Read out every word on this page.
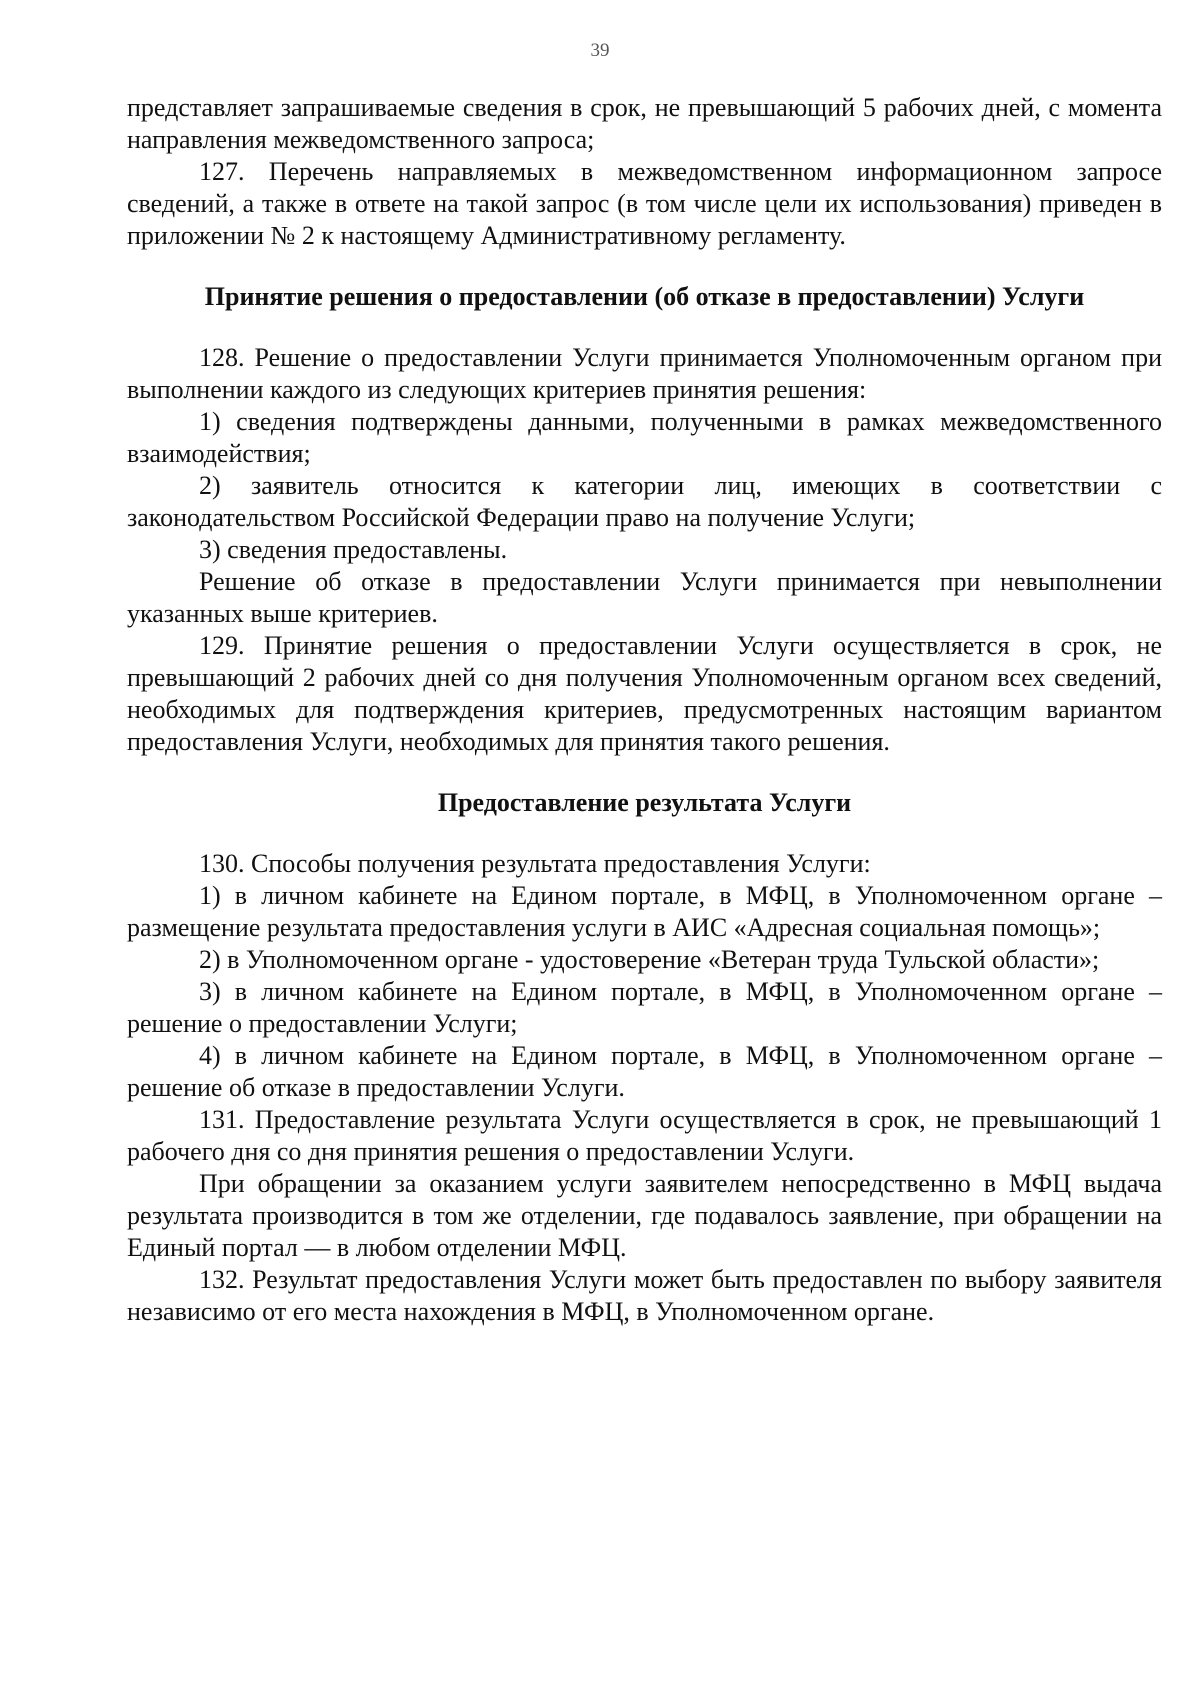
39

представляет запрашиваемые сведения в срок, не превышающий 5 рабочих дней, с момента направления межведомственного запроса;

127. Перечень направляемых в межведомственном информационном запросе сведений, а также в ответе на такой запрос (в том числе цели их использования) приведен в приложении № 2 к настоящему Административному регламенту.

Принятие решения о предоставлении (об отказе в предоставлении) Услуги

128. Решение о предоставлении Услуги принимается Уполномоченным органом при выполнении каждого из следующих критериев принятия решения:

1) сведения подтверждены данными, полученными в рамках межведомственного взаимодействия;

2) заявитель относится к категории лиц, имеющих в соответствии с законодательством Российской Федерации право на получение Услуги;

3) сведения предоставлены.

Решение об отказе в предоставлении Услуги принимается при невыполнении указанных выше критериев.

129. Принятие решения о предоставлении Услуги осуществляется в срок, не превышающий 2 рабочих дней со дня получения Уполномоченным органом всех сведений, необходимых для подтверждения критериев, предусмотренных настоящим вариантом предоставления Услуги, необходимых для принятия такого решения.

Предоставление результата Услуги

130. Способы получения результата предоставления Услуги:

1) в личном кабинете на Едином портале, в МФЦ, в Уполномоченном органе – размещение результата предоставления услуги в АИС «Адресная социальная помощь»;

2) в Уполномоченном органе - удостоверение «Ветеран труда Тульской области»;

3) в личном кабинете на Едином портале, в МФЦ, в Уполномоченном органе – решение о предоставлении Услуги;

4) в личном кабинете на Едином портале, в МФЦ, в Уполномоченном органе – решение об отказе в предоставлении Услуги.

131. Предоставление результата Услуги осуществляется в срок, не превышающий 1 рабочего дня со дня принятия решения о предоставлении Услуги.

При обращении за оказанием услуги заявителем непосредственно в МФЦ выдача результата производится в том же отделении, где подавалось заявление, при обращении на Единый портал — в любом отделении МФЦ.

132. Результат предоставления Услуги может быть предоставлен по выбору заявителя независимо от его места нахождения в МФЦ, в Уполномоченном органе.
